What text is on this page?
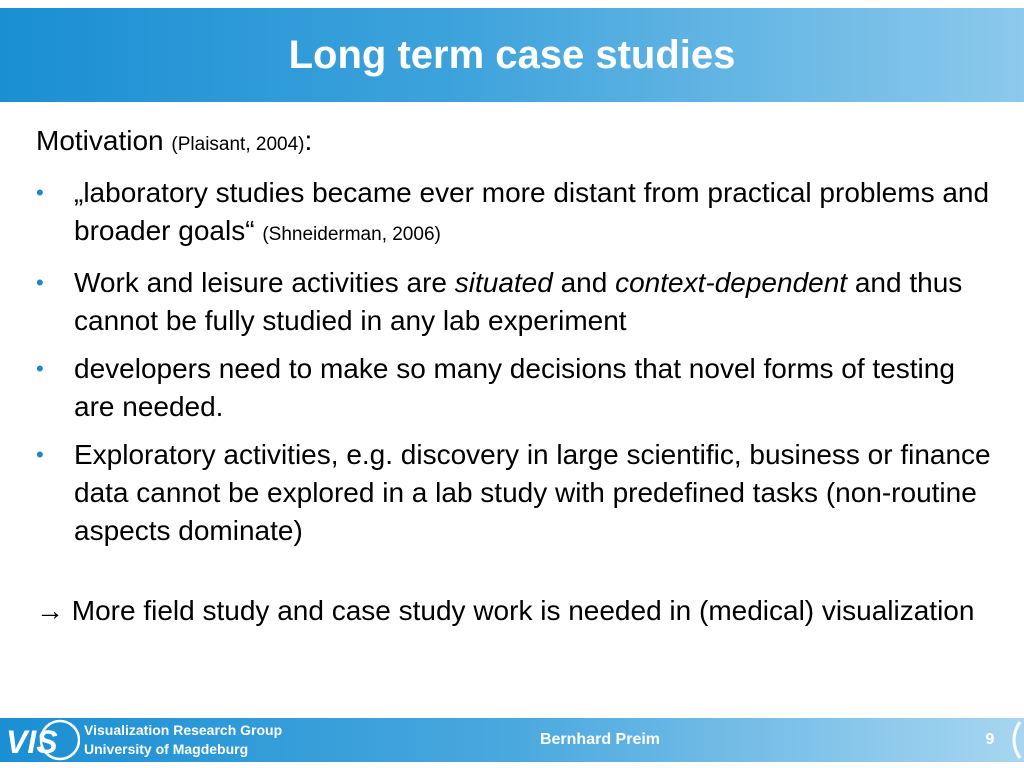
Long term case studies
Motivation (Plaisant, 2004):
• „laboratory studies became ever more distant from practical problems and broader goals“ (Shneiderman, 2006)
• Work and leisure activities are situated and context-dependent and thus cannot be fully studied in any lab experiment
• developers need to make so many decisions that novel forms of testing are needed.
• Exploratory activities, e.g. discovery in large scientific, business or finance data cannot be explored in a lab study with predefined tasks (non-routine aspects dominate)
→ More field study and case study work is needed in (medical) visualization
VIS Visualization Research Group
University of Magdeburg
Bernhard Preim	9
